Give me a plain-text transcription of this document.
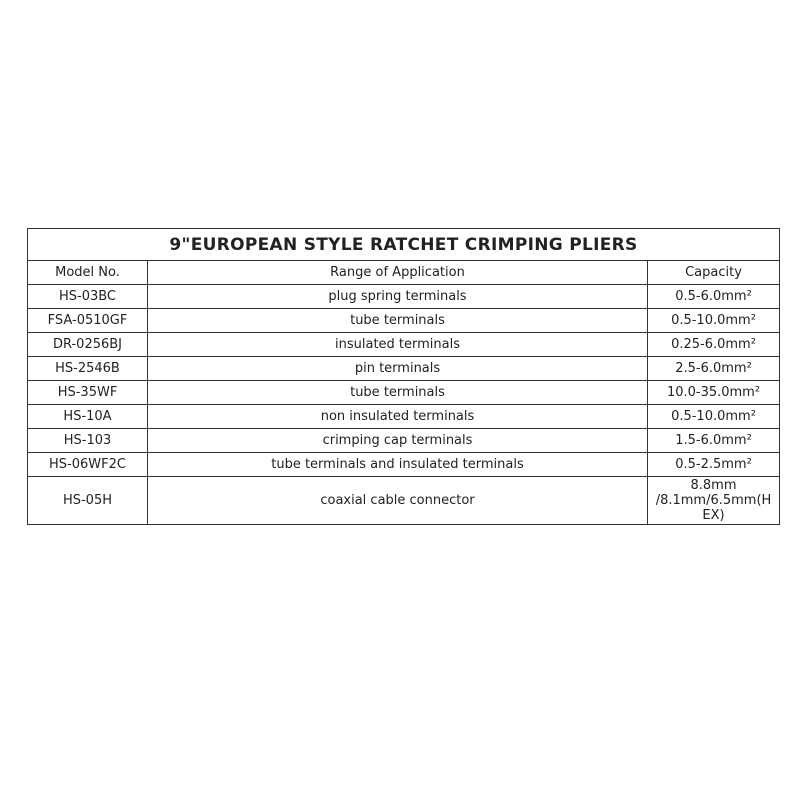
9"EUROPEAN STYLE RATCHET CRIMPING PLIERS		
Model No.	Range of Application	Capacity
HS-03BC	plug spring terminals	0.5-6.0mm²
FSA-0510GF	tube terminals	0.5-10.0mm²
DR-0256BJ	insulated terminals	0.25-6.0mm²
HS-2546B	pin terminals	2.5-6.0mm²
HS-35WF	tube terminals	10.0-35.0mm²
HS-10A	non insulated terminals	0.5-10.0mm²
HS-103	crimping cap terminals	1.5-6.0mm²
HS-06WF2C	tube terminals and insulated terminals	0.5-2.5mm²
HS-05H	coaxial cable connector	8.8mm
/8.1mm/6.5mm(H
EX)
